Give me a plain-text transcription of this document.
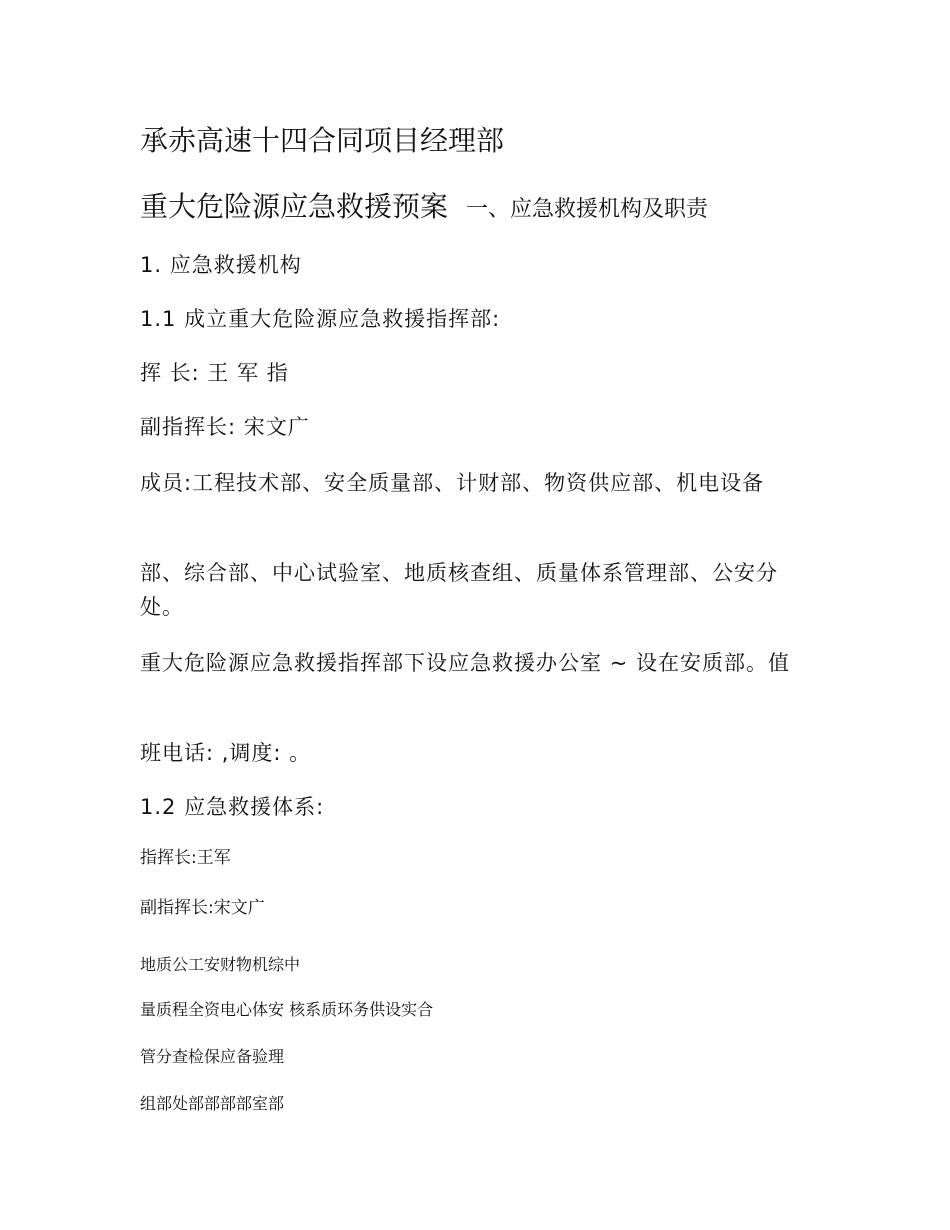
承赤高速十四合同项目经理部

重大危险源应急救援预案 一、应急救援机构及职责

1. 应急救援机构

1.1 成立重大危险源应急救援指挥部:

挥 长: 王 军 指

副指挥长: 宋文广

成员:工程技术部、安全质量部、计财部、物资供应部、机电设备

部、综合部、中心试验室、地质核查组、质量体系管理部、公安分处。

重大危险源应急救援指挥部下设应急救援办公室 ~ 设在安质部。值

班电话: ,调度: 。

1.2 应急救援体系:

指挥长:王军

副指挥长:宋文广

地质公工安财物机综中

量质程全资电心体安 核系质环务供设实合

管分查检保应备验理

组部处部部部部室部
